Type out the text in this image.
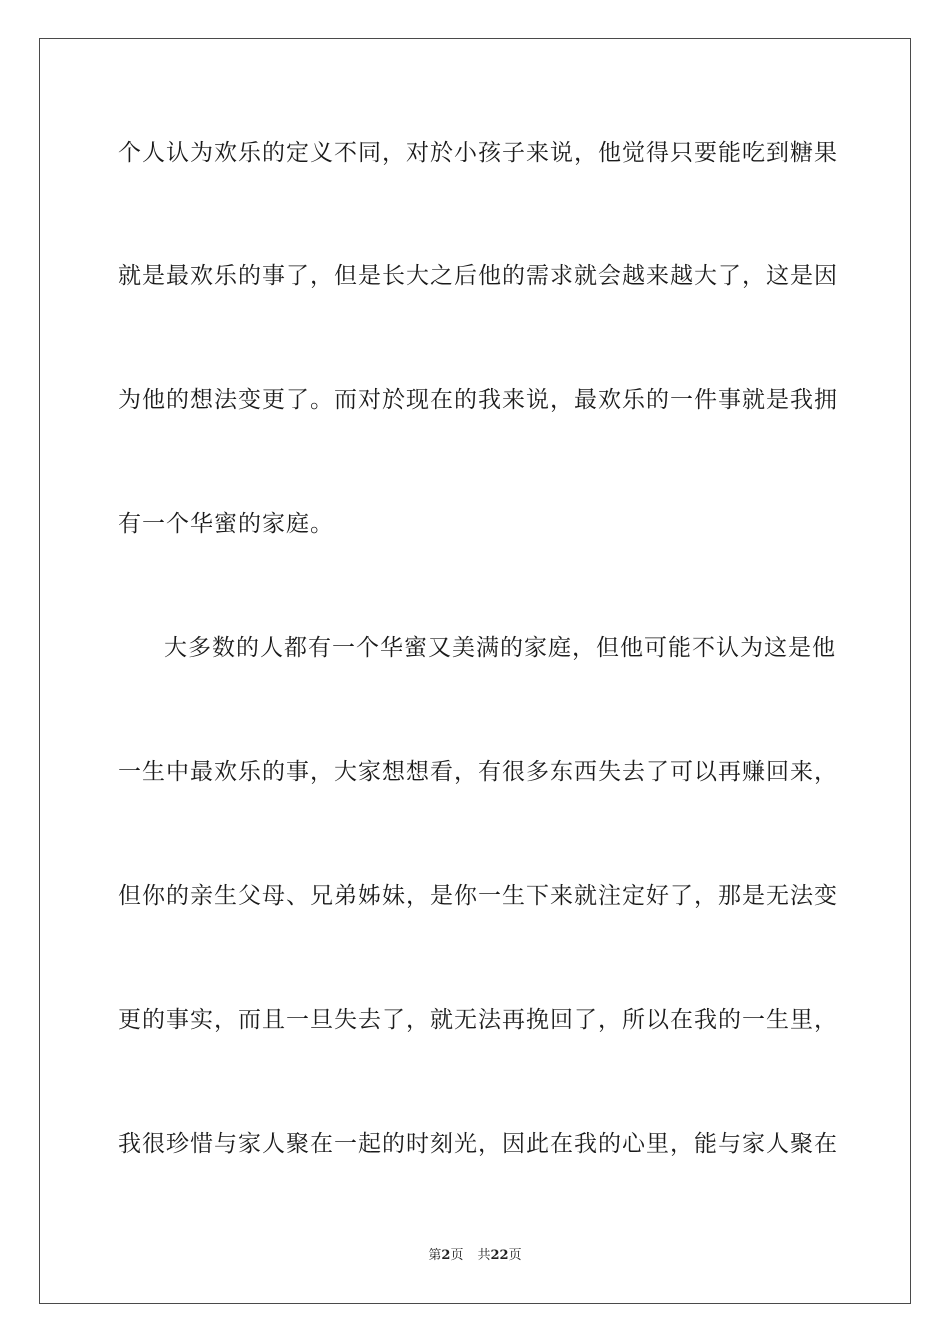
个人认为欢乐的定义不同，对於小孩子来说，他觉得只要能吃到糖果
就是最欢乐的事了，但是长大之后他的需求就会越来越大了，这是因
为他的想法变更了。而对於现在的我来说，最欢乐的一件事就是我拥
有一个华蜜的家庭。
大多数的人都有一个华蜜又美满的家庭，但他可能不认为这是他
一生中最欢乐的事，大家想想看，有很多东西失去了可以再赚回来，
但你的亲生父母、兄弟姊妹，是你一生下来就注定好了，那是无法变
更的事实，而且一旦失去了，就无法再挽回了，所以在我的一生里，
我很珍惜与家人聚在一起的时刻光，因此在我的心里，能与家人聚在
第2页 共22页
